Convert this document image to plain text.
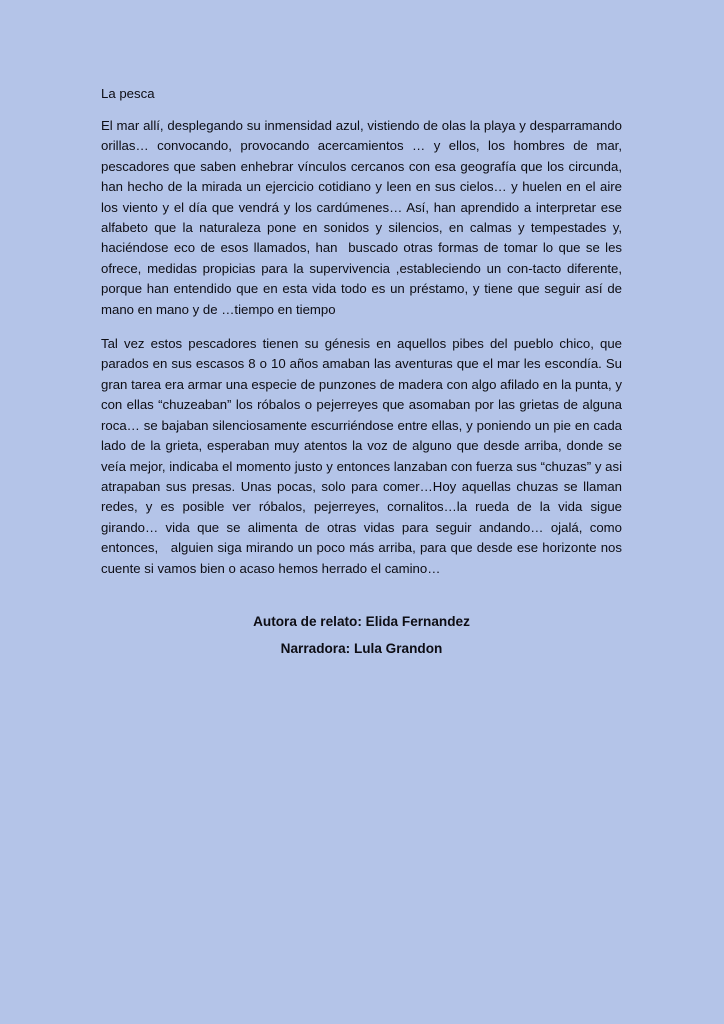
La pesca

El mar allí, desplegando su inmensidad azul, vistiendo de olas la playa y desparramando orillas… convocando, provocando acercamientos … y ellos, los hombres de mar, pescadores que saben enhebrar vínculos cercanos con esa geografía que los circunda, han hecho de la mirada un ejercicio cotidiano y leen en sus cielos… y huelen en el aire los viento y el día que vendrá y los cardúmenes… Así, han aprendido a interpretar ese alfabeto que la naturaleza pone en sonidos y silencios, en calmas y tempestades y, haciéndose eco de esos llamados, han  buscado otras formas de tomar lo que se les ofrece, medidas propicias para la supervivencia ,estableciendo un con-tacto diferente, porque han entendido que en esta vida todo es un préstamo, y tiene que seguir así de mano en mano y de …tiempo en tiempo

Tal vez estos pescadores tienen su génesis en aquellos pibes del pueblo chico, que parados en sus escasos 8 o 10 años amaban las aventuras que el mar les escondía. Su gran tarea era armar una especie de punzones de madera con algo afilado en la punta, y con ellas “chuzeaban” los róbalos o pejerreyes que asomaban por las grietas de alguna roca… se bajaban silenciosamente escurriéndose entre ellas, y poniendo un pie en cada lado de la grieta, esperaban muy atentos la voz de alguno que desde arriba, donde se veía mejor, indicaba el momento justo y entonces lanzaban con fuerza sus “chuzas” y asi atrapaban sus presas. Unas pocas, solo para comer…Hoy aquellas chuzas se llaman redes, y es posible ver róbalos, pejerreyes, cornalitos…la rueda de la vida sigue girando… vida que se alimenta de otras vidas para seguir andando… ojalá, como entonces,   alguien siga mirando un poco más arriba, para que desde ese horizonte nos cuente si vamos bien o acaso hemos herrado el camino…

Autora de relato: Elida Fernandez

Narradora: Lula Grandon
